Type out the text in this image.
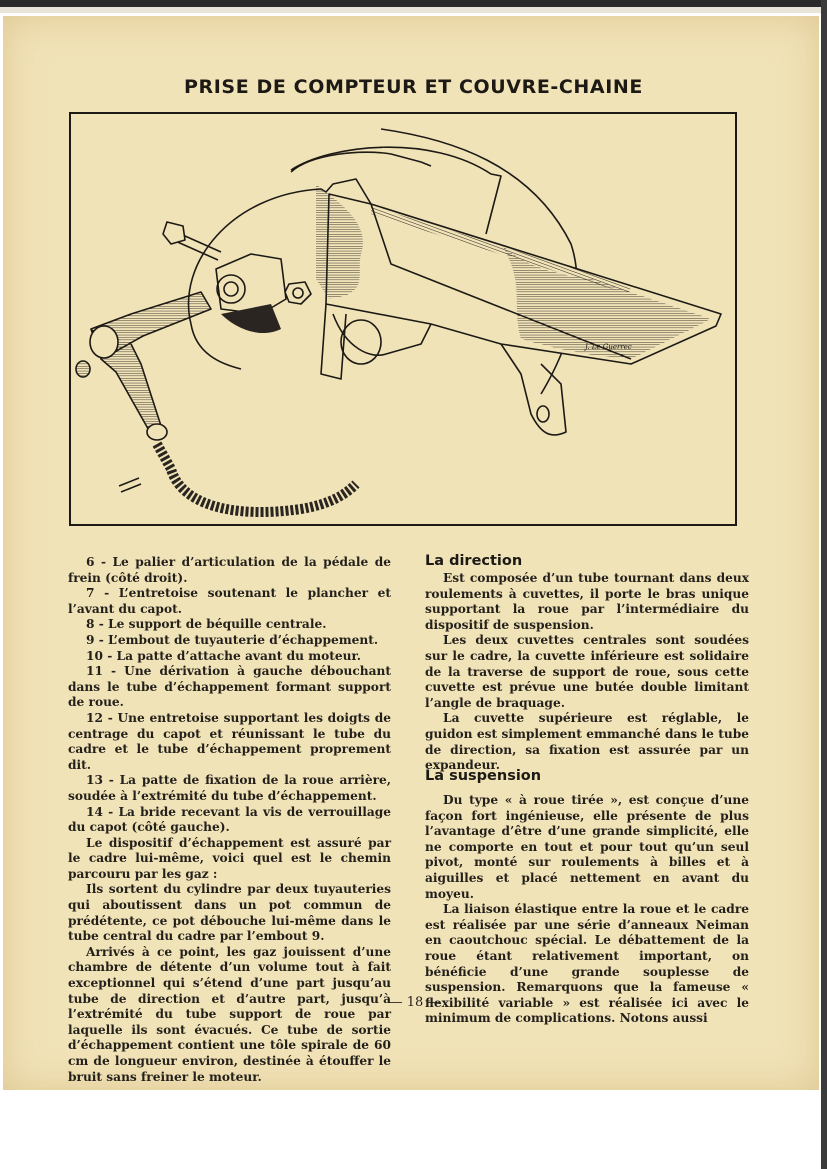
PRISE DE COMPTEUR ET COUVRE-CHAINE
J. Le Guerrec

6 - Le palier d’articulation de la pédale de frein (côté droit).

7 - L’entretoise soutenant le plancher et l’avant du capot.

8 - Le support de béquille centrale.

9 - L’embout de tuyauterie d’échappement.

10 - La patte d’attache avant du moteur.

11 - Une dérivation à gauche débouchant dans le tube d’échappement formant support de roue.

12 - Une entretoise supportant les doigts de centrage du capot et réunissant le tube du cadre et le tube d’échappement proprement dit.

13 - La patte de fixation de la roue arrière, soudée à l’extrémité du tube d’échappement.

14 - La bride recevant la vis de verrouillage du capot (côté gauche).

Le dispositif d’échappement est assuré par le cadre lui-même, voici quel est le chemin parcouru par les gaz :

Ils sortent du cylindre par deux tuyauteries qui aboutissent dans un pot commun de prédétente, ce pot débouche lui-même dans le tube central du cadre par l’embout 9.

Arrivés à ce point, les gaz jouissent d’une chambre de détente d’un volume tout à fait exceptionnel qui s’étend d’une part jusqu’au tube de direction et d’autre part, jusqu’à l’extrémité du tube support de roue par laquelle ils sont évacués. Ce tube de sortie d’échappement contient une tôle spirale de 60 cm de longueur environ, destinée à étouffer le bruit sans freiner le moteur.

La direction

Est composée d’un tube tournant dans deux roulements à cuvettes, il porte le bras unique supportant la roue par l’intermédiaire du dispositif de suspension.

Les deux cuvettes centrales sont soudées sur le cadre, la cuvette inférieure est solidaire de la traverse de support de roue, sous cette cuvette est prévue une butée double limitant l’angle de braquage.

La cuvette supérieure est réglable, le guidon est simplement emmanché dans le tube de direction, sa fixation est assurée par un expandeur.

La suspension

Du type « à roue tirée », est conçue d’une façon fort ingénieuse, elle présente de plus l’avantage d’être d’une grande simplicité, elle ne comporte en tout et pour tout qu’un seul pivot, monté sur roulements à billes et à aiguilles et placé nettement en avant du moyeu.

La liaison élastique entre la roue et le cadre est réalisée par une série d’anneaux Neiman en caoutchouc spécial. Le débattement de la roue étant relativement important, on bénéficie d’une grande souplesse de suspension. Remarquons que la fameuse « flexibilité variable » est réalisée ici avec le minimum de complications. Notons aussi

— 18 —
